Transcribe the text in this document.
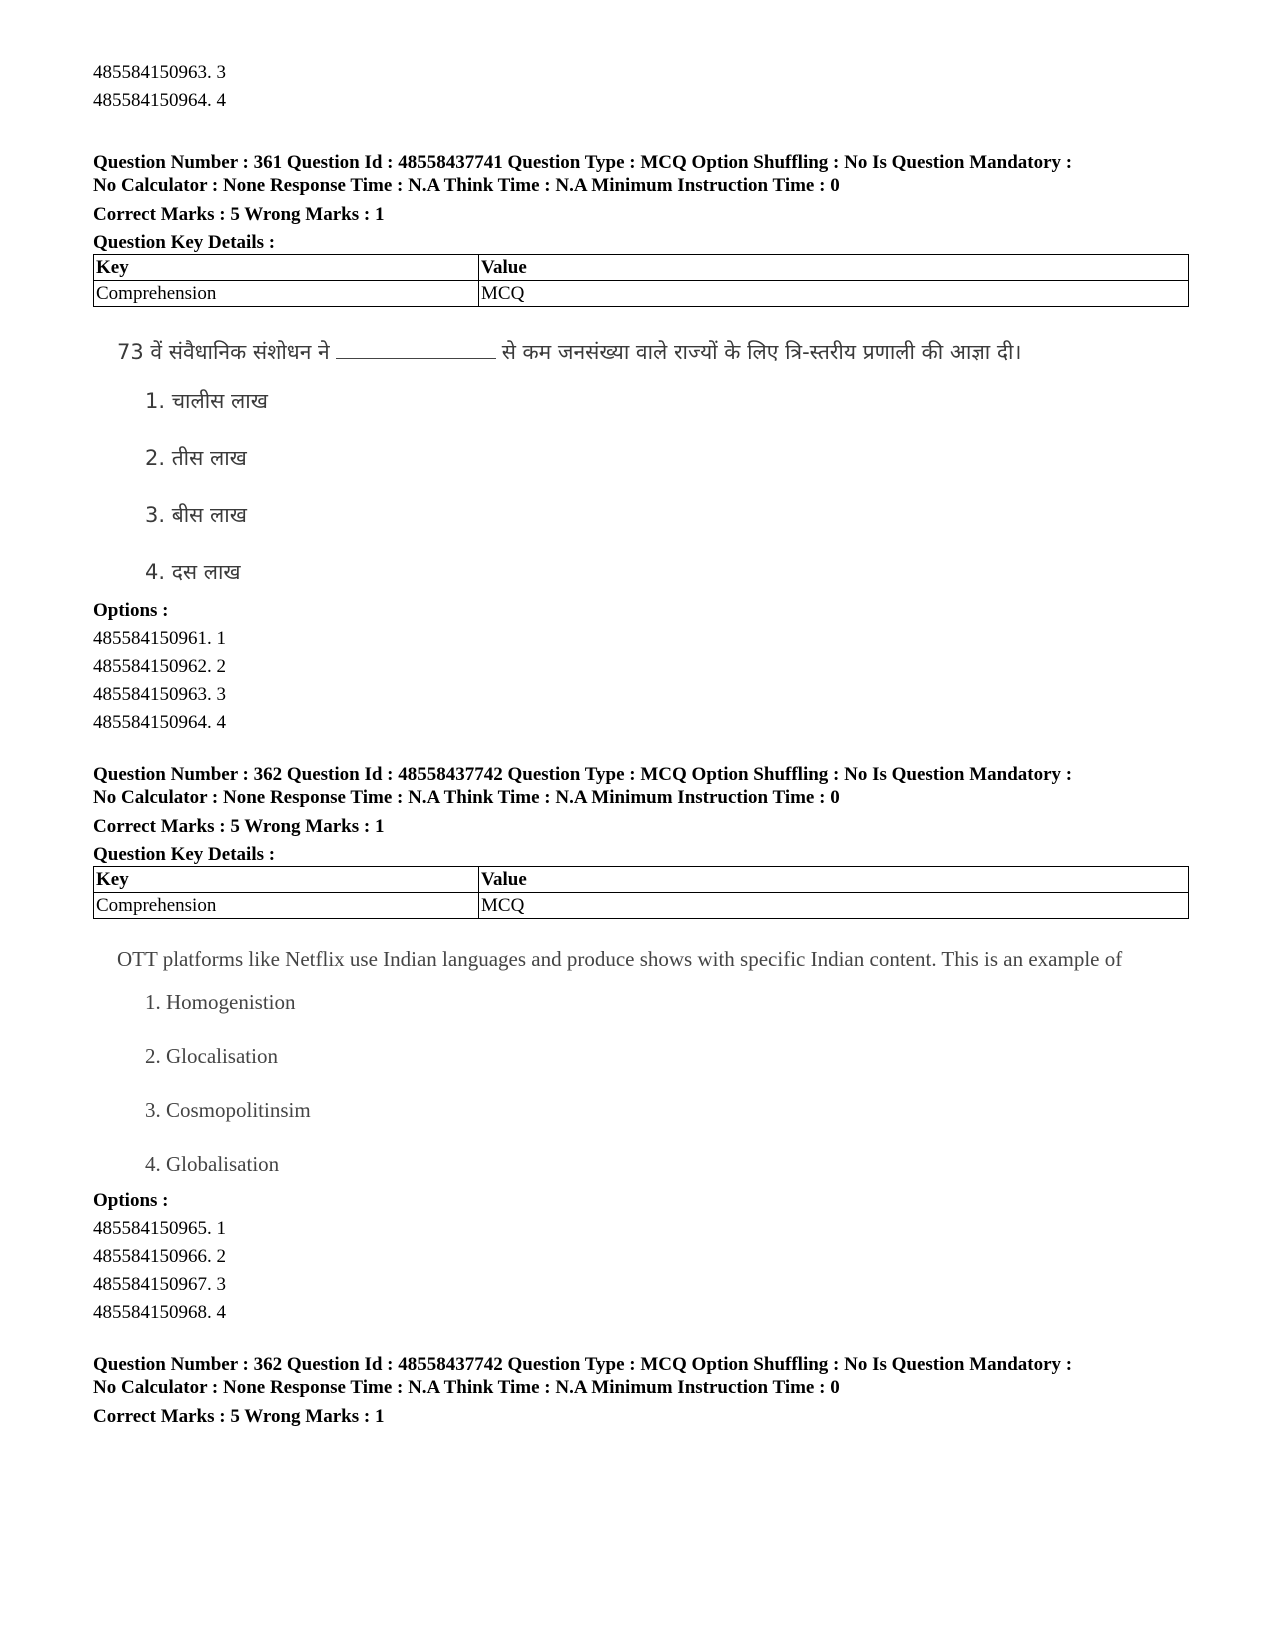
485584150963. 3
485584150964. 4
Question Number : 361 Question Id : 48558437741 Question Type : MCQ Option Shuffling : No Is Question Mandatory :
No Calculator : None Response Time : N.A Think Time : N.A Minimum Instruction Time : 0
Correct Marks : 5 Wrong Marks : 1
Question Key Details :
Key	Value
Comprehension	MCQ
73 वें संवैधानिक संशोधन ने	से कम जनसंख्या वाले राज्यों के लिए त्रि-स्तरीय प्रणाली की आज्ञा दी।
1. चालीस लाख
2. तीस लाख
3. बीस लाख
4. दस लाख
Options :
485584150961. 1
485584150962. 2
485584150963. 3
485584150964. 4
Question Number : 362 Question Id : 48558437742 Question Type : MCQ Option Shuffling : No Is Question Mandatory :
No Calculator : None Response Time : N.A Think Time : N.A Minimum Instruction Time : 0
Correct Marks : 5 Wrong Marks : 1
Question Key Details :
Key	Value
Comprehension	MCQ
OTT platforms like Netflix use Indian languages and produce shows with specific Indian content. This is an example of
1. Homogenistion
2. Glocalisation
3. Cosmopolitinsim
4. Globalisation
Options :
485584150965. 1
485584150966. 2
485584150967. 3
485584150968. 4
Question Number : 362 Question Id : 48558437742 Question Type : MCQ Option Shuffling : No Is Question Mandatory :
No Calculator : None Response Time : N.A Think Time : N.A Minimum Instruction Time : 0
Correct Marks : 5 Wrong Marks : 1
